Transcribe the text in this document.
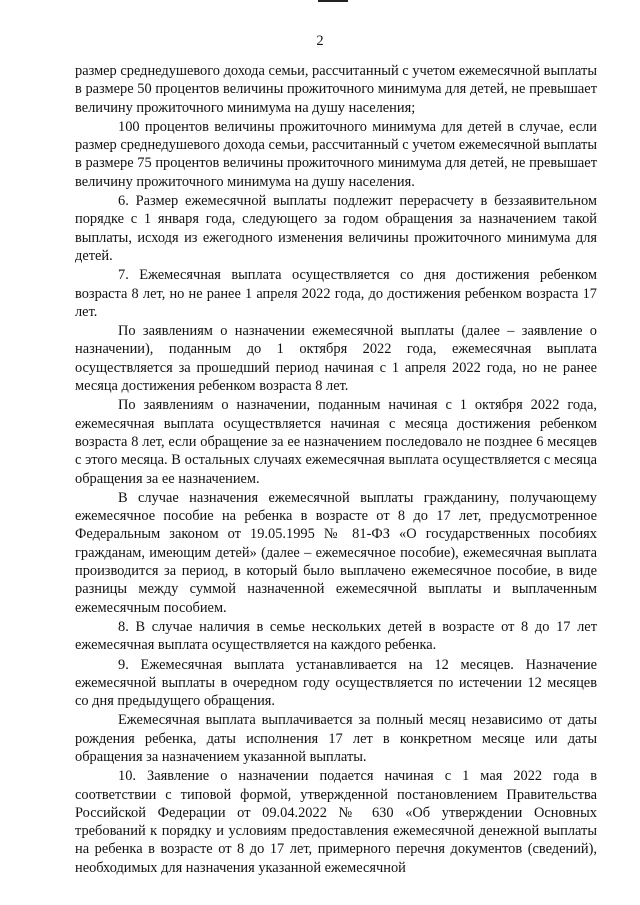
2

размер среднедушевого дохода семьи, рассчитанный с учетом ежемесячной выплаты в размере 50 процентов величины прожиточного минимума для детей, не превышает величину прожиточного минимума на душу населения;

100 процентов величины прожиточного минимума для детей в случае, если размер среднедушевого дохода семьи, рассчитанный с учетом ежемесячной выплаты в размере 75 процентов величины прожиточного минимума для детей, не превышает величину прожиточного минимума на душу населения.

6. Размер ежемесячной выплаты подлежит перерасчету в беззаявительном порядке с 1 января года, следующего за годом обращения за назначением такой выплаты, исходя из ежегодного изменения величины прожиточного минимума для детей.

7. Ежемесячная выплата осуществляется со дня достижения ребенком возраста 8 лет, но не ранее 1 апреля 2022 года, до достижения ребенком возраста 17 лет.

По заявлениям о назначении ежемесячной выплаты (далее – заявление о назначении), поданным до 1 октября 2022 года, ежемесячная выплата осуществляется за прошедший период начиная с 1 апреля 2022 года, но не ранее месяца достижения ребенком возраста 8 лет.

По заявлениям о назначении, поданным начиная с 1 октября 2022 года, ежемесячная выплата осуществляется начиная с месяца достижения ребенком возраста 8 лет, если обращение за ее назначением последовало не позднее 6 месяцев с этого месяца. В остальных случаях ежемесячная выплата осуществляется с месяца обращения за ее назначением.

В случае назначения ежемесячной выплаты гражданину, получающему ежемесячное пособие на ребенка в возрасте от 8 до 17 лет, предусмотренное Федеральным законом от 19.05.1995 № 81-ФЗ «О государственных пособиях гражданам, имеющим детей» (далее – ежемесячное пособие), ежемесячная выплата производится за период, в который было выплачено ежемесячное пособие, в виде разницы между суммой назначенной ежемесячной выплаты и выплаченным ежемесячным пособием.

8. В случае наличия в семье нескольких детей в возрасте от 8 до 17 лет ежемесячная выплата осуществляется на каждого ребенка.

9. Ежемесячная выплата устанавливается на 12 месяцев. Назначение ежемесячной выплаты в очередном году осуществляется по истечении 12 месяцев со дня предыдущего обращения.

Ежемесячная выплата выплачивается за полный месяц независимо от даты рождения ребенка, даты исполнения 17 лет в конкретном месяце или даты обращения за назначением указанной выплаты.

10. Заявление о назначении подается начиная с 1 мая 2022 года в соответствии с типовой формой, утвержденной постановлением Правительства Российской Федерации от 09.04.2022 № 630 «Об утверждении Основных требований к порядку и условиям предоставления ежемесячной денежной выплаты на ребенка в возрасте от 8 до 17 лет, примерного перечня документов (сведений), необходимых для назначения указанной ежемесячной
